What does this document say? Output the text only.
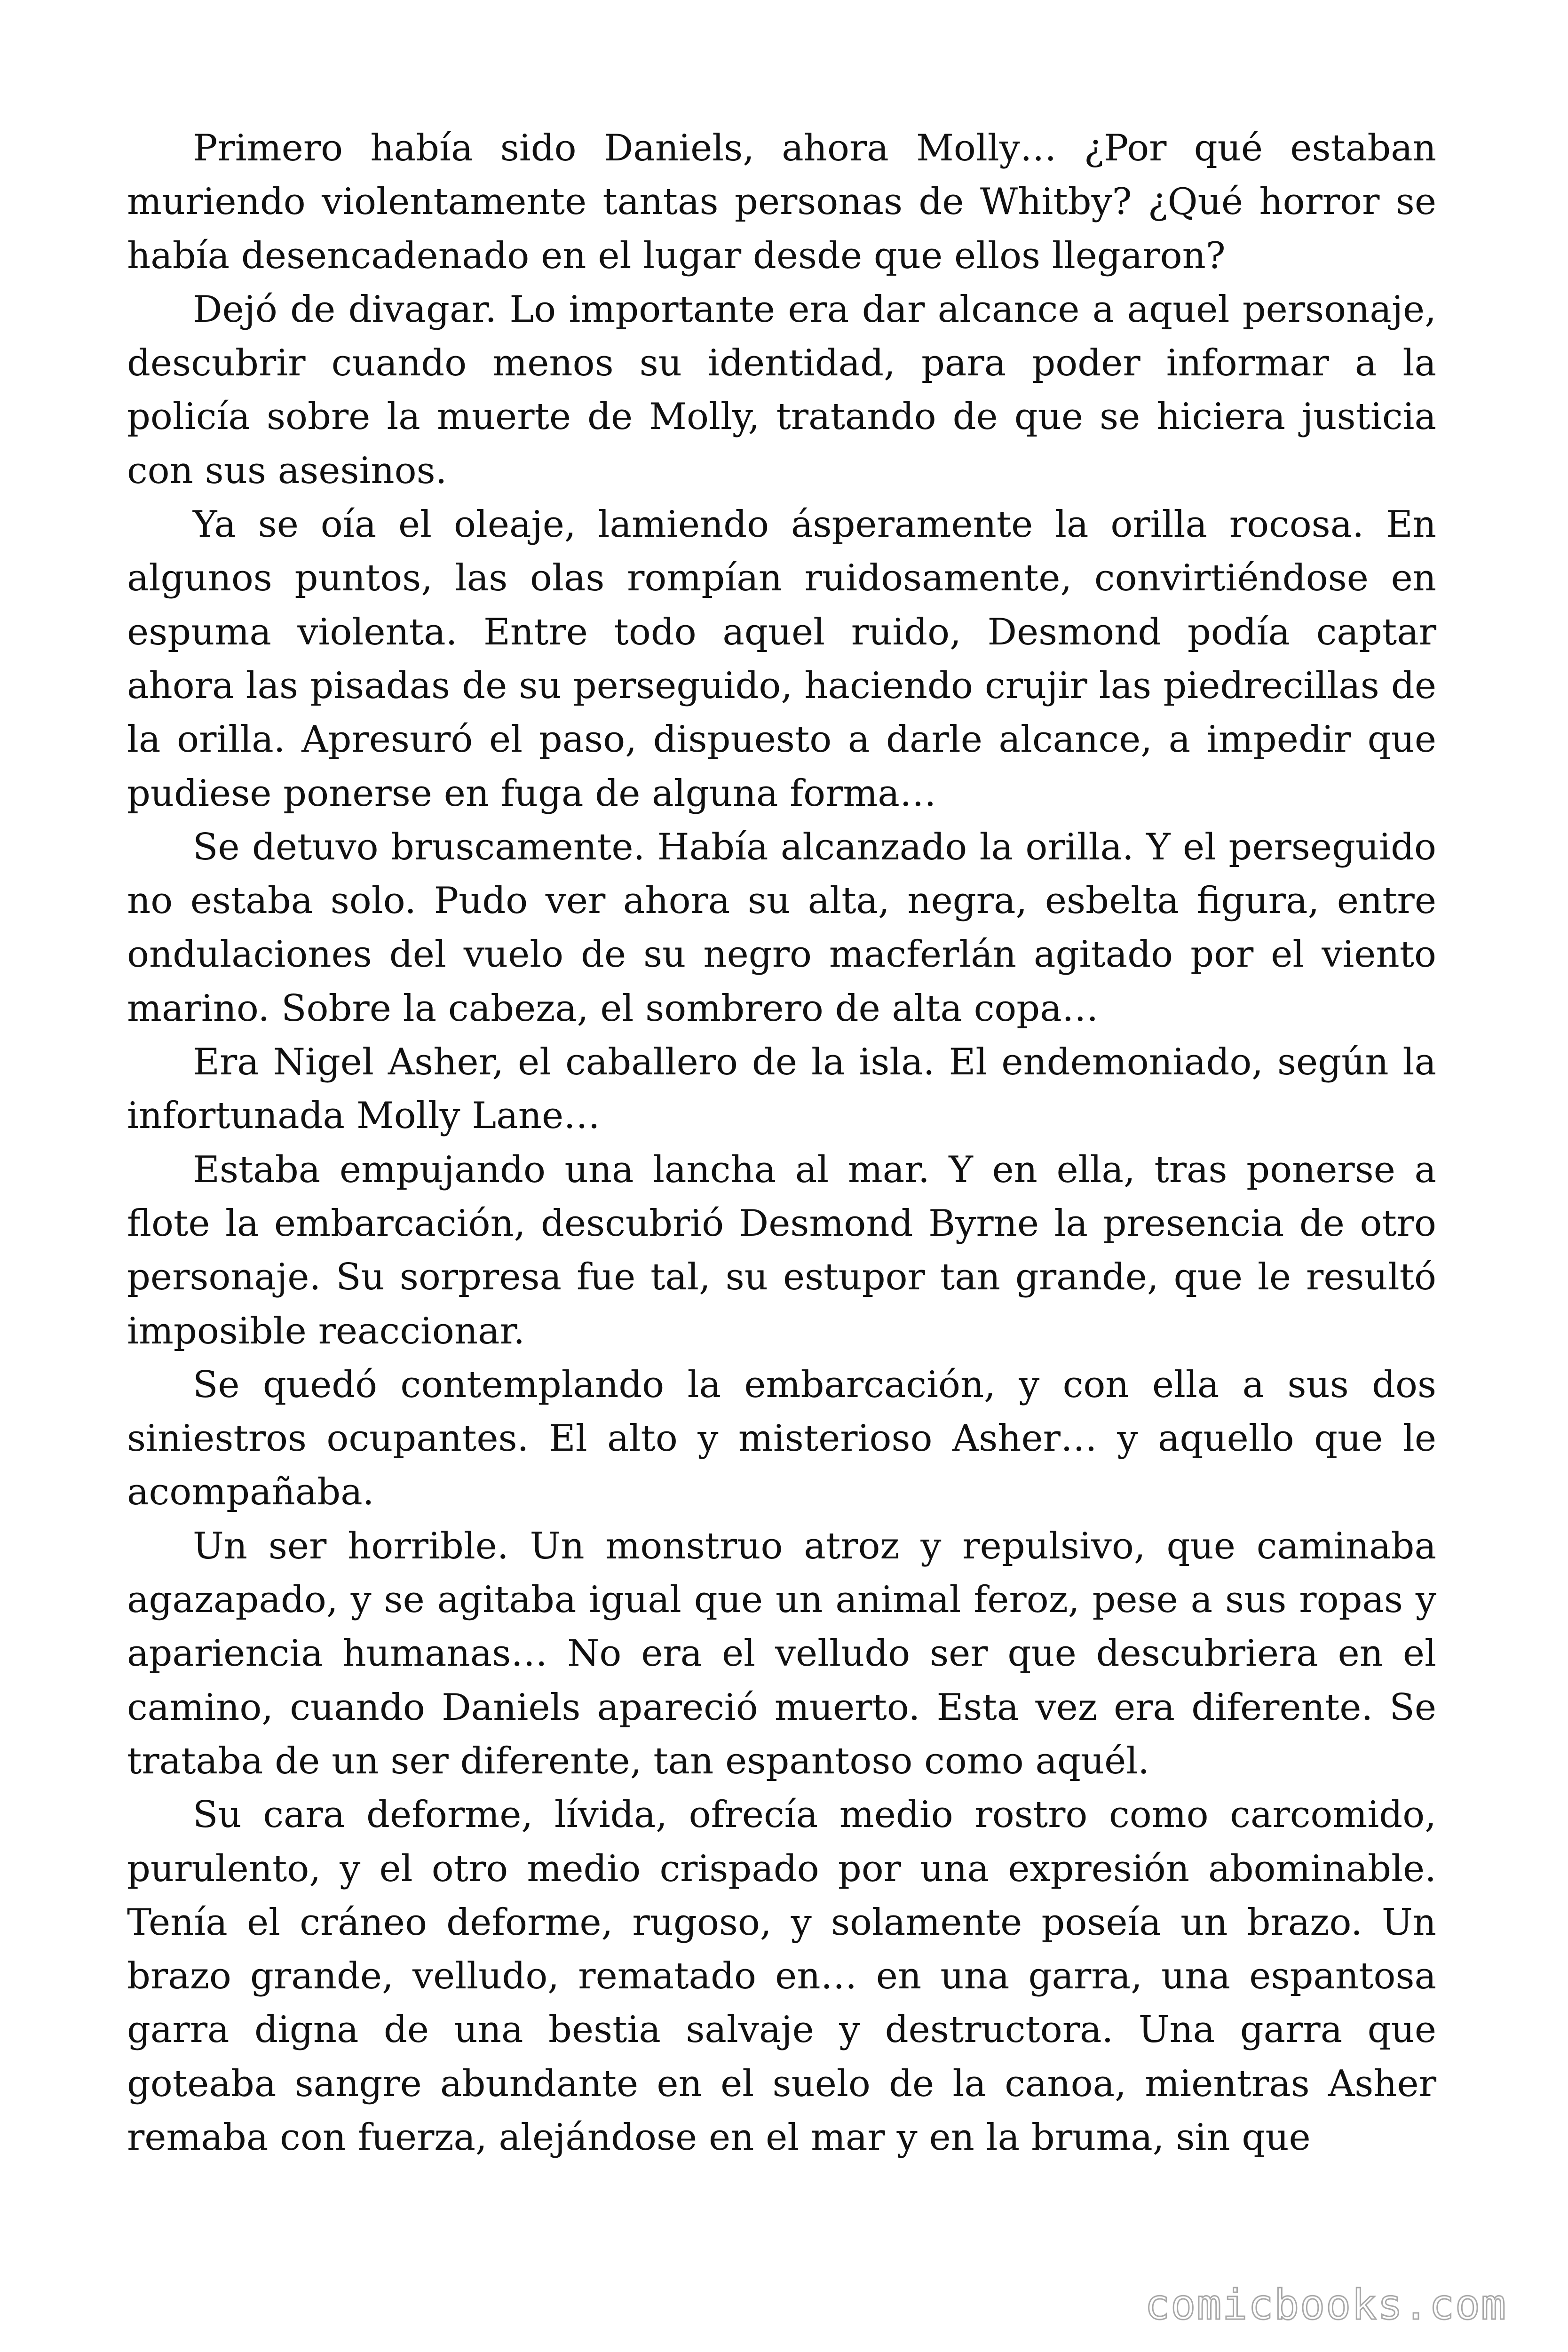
Primero había sido Daniels, ahora Molly… ¿Por qué estaban muriendo violentamente tantas personas de Whitby? ¿Qué horror se había desencadenado en el lugar desde que ellos llegaron?

Dejó de divagar. Lo importante era dar alcance a aquel personaje, descubrir cuando menos su identidad, para poder informar a la policía sobre la muerte de Molly, tratando de que se hiciera justicia con sus asesinos.

Ya se oía el oleaje, lamiendo ásperamente la orilla rocosa. En algunos puntos, las olas rompían ruidosamente, convirtiéndose en espuma violenta. Entre todo aquel ruido, Desmond podía captar ahora las pisadas de su perseguido, haciendo crujir las piedrecillas de la orilla. Apresuró el paso, dispuesto a darle alcance, a impedir que pudiese ponerse en fuga de alguna forma…

Se detuvo bruscamente. Había alcanzado la orilla. Y el perseguido no estaba solo. Pudo ver ahora su alta, negra, esbelta figura, entre ondulaciones del vuelo de su negro macferlán agitado por el viento marino. Sobre la cabeza, el sombrero de alta copa…

Era Nigel Asher, el caballero de la isla. El endemoniado, según la infortunada Molly Lane…

Estaba empujando una lancha al mar. Y en ella, tras ponerse a flote la embarcación, descubrió Desmond Byrne la presencia de otro personaje. Su sorpresa fue tal, su estupor tan grande, que le resultó imposible reaccionar.

Se quedó contemplando la embarcación, y con ella a sus dos siniestros ocupantes. El alto y misterioso Asher… y aquello que le acompañaba.

Un ser horrible. Un monstruo atroz y repulsivo, que caminaba agazapado, y se agitaba igual que un animal feroz, pese a sus ropas y apariencia humanas… No era el velludo ser que descubriera en el camino, cuando Daniels apareció muerto. Esta vez era diferente. Se trataba de un ser diferente, tan espantoso como aquél.

Su cara deforme, lívida, ofrecía medio rostro como carcomido, purulento, y el otro medio crispado por una expresión abominable. Tenía el cráneo deforme, rugoso, y solamente poseía un brazo. Un brazo grande, velludo, rematado en… en una garra, una espantosa garra digna de una bestia salvaje y destructora. Una garra que goteaba sangre abundante en el suelo de la canoa, mientras Asher remaba con fuerza, alejándose en el mar y en la bruma, sin que

comicbooks.com
